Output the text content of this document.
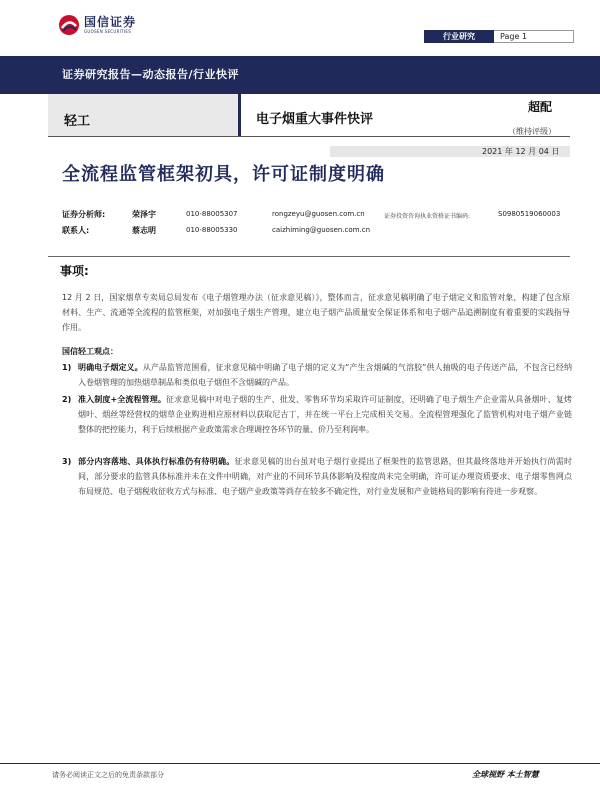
国信证券
GUOSEN SECURITIES
行业研究	Page 1
证券研究报告—动态报告/行业快评
轻工	电子烟重大事件快评
超配
（维持评级）
2021 年 12 月 04 日
全流程监管框架初具，许可证制度明确
证券分析师:	荣泽宇	010-88005307	rongzeyu@guosen.com.cn	证券投资咨询执业资格证书编码:	S0980519060003
联系人:	蔡志明	010-88005330	caizhiming@guosen.com.cn
事项:
12 月 2 日，国家烟草专卖局总局发布《电子烟管理办法（征求意见稿）》，整体而言，征求意见稿明确了电子烟定义和监管对象，构建了包含原材料、生产、流通等全流程的监管框架，对加强电子烟生产管理，建立电子烟产品质量安全保证体系和电子烟产品追溯制度有着重要的实践指导作用。
国信轻工观点：
1) 明确电子烟定义。从产品监管范围看，征求意见稿中明确了电子烟的定义为“产生含烟碱的气溶胶”供人抽吸的电子传送产品，不包含已经纳入卷烟管理的加热烟草制品和类似电子烟但不含烟碱的产品。
2) 准入制度+全流程管理。征求意见稿中对电子烟的生产、批发、零售环节均采取许可证制度，还明确了电子烟生产企业需从具备烟叶、复烤烟叶、烟丝等经营权的烟草企业购进相应原材料以获取尼古丁，并在统一平台上完成相关交易。全流程管理强化了监管机构对电子烟产业链整体的把控能力，利于后续根据产业政策需求合理调控各环节的量、价乃至利润率。
3) 部分内容落地、具体执行标准仍有待明确。征求意见稿的出台虽对电子烟行业提出了框架性的监管思路，但其最终落地并开始执行尚需时间，部分要求的监管具体标准并未在文件中明确，对产业的不同环节具体影响及程度尚未完全明确，许可证办理资质要求、电子烟零售网点布局规范、电子烟税收征收方式与标准、电子烟产业政策等尚存在较多不确定性，对行业发展和产业链格局的影响有待进一步观察。
请务必阅读正文之后的免责条款部分	全球视野 本土智慧
